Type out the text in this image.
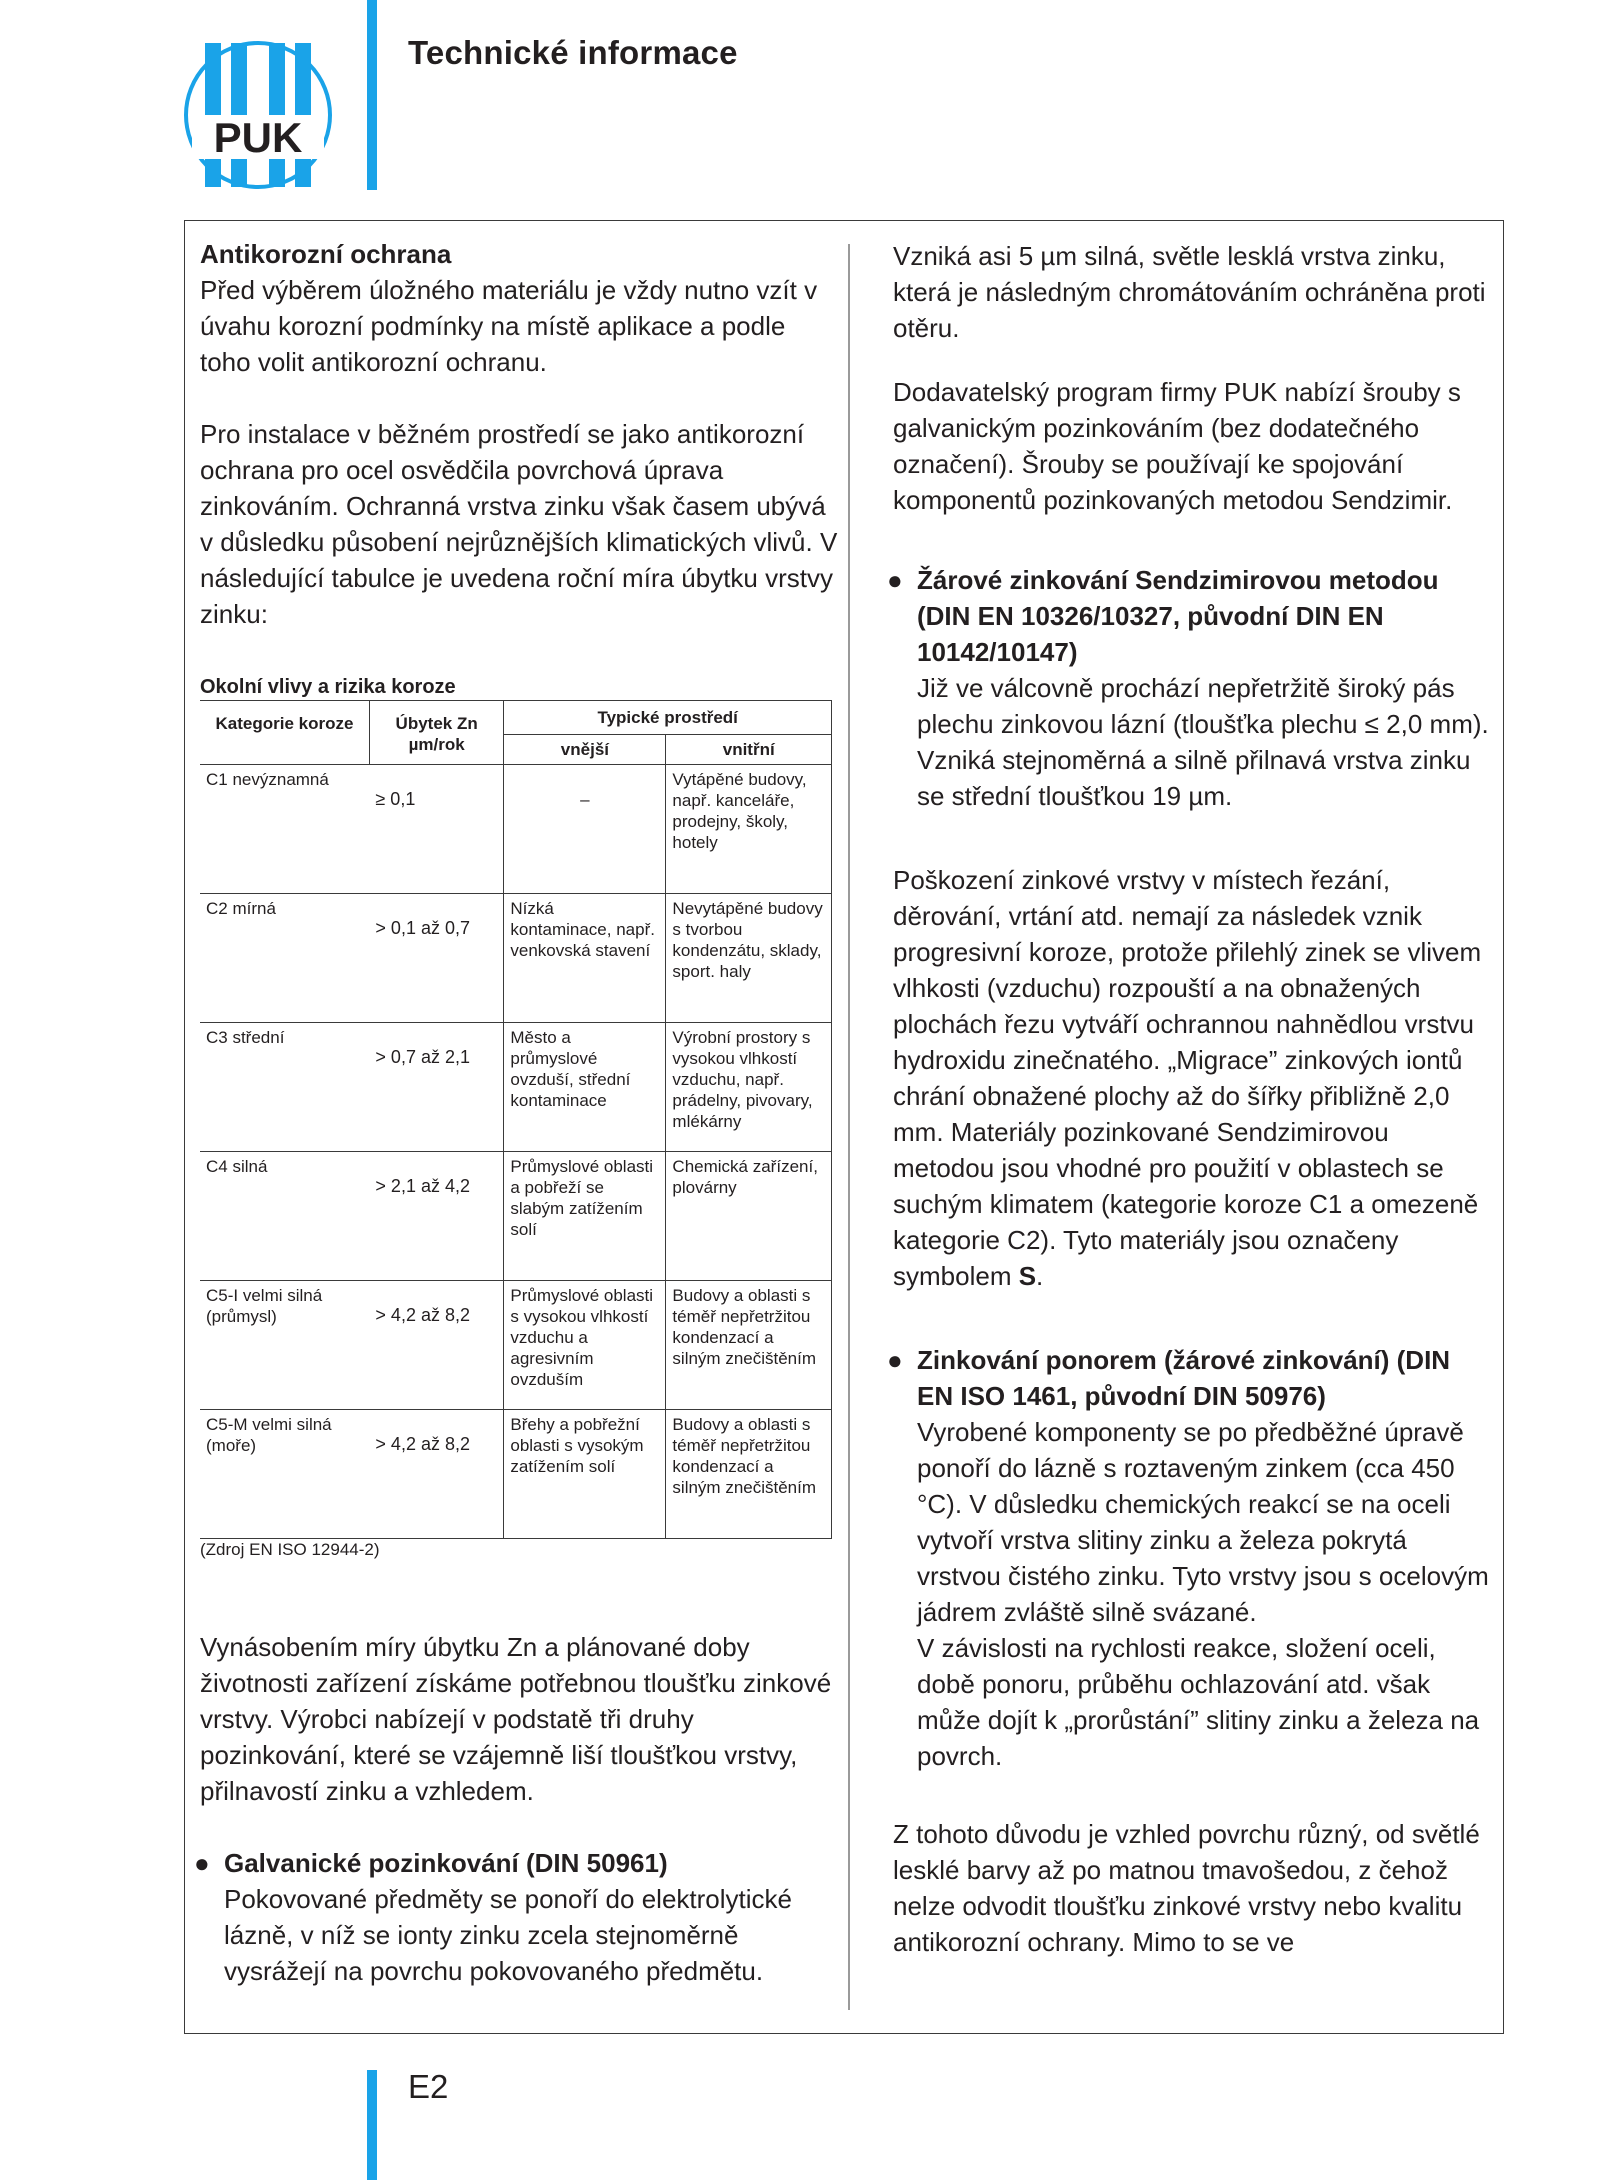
PUK
Technické informace

Antikorozní ochrana

Před výběrem úložného materiálu je vždy nutno vzít v úvahu korozní podmínky na místě aplikace a podle toho volit antikorozní ochranu.

Pro instalace v běžném prostředí se jako antikorozní ochrana pro ocel osvědčila povrchová úprava zinkováním. Ochranná vrstva zinku však časem ubývá v důsledku působení nejrůznějších klimatických vlivů. V následující tabulce je uvedena roční míra úbytku vrstvy zinku:

Okolní vlivy a rizika koroze

Kategorie koroze	Úbytek Zn µm/rok	Typické prostředí	
		vnější	vnitřní
C1 nevýznamná	≥ 0,1	–	Vytápěné budovy, např. kanceláře, prodejny, školy, hotely
C2 mírná	> 0,1 až 0,7	Nízká kontaminace, např. venkovská stavení	Nevytápěné budovy s tvorbou kondenzátu, sklady, sport. haly
C3 střední	> 0,7 až 2,1	Město a průmyslové ovzduší, střední kontaminace	Výrobní prostory s vysokou vlhkostí vzduchu, např. prádelny, pivovary, mlékárny
C4 silná	> 2,1 až 4,2	Průmyslové oblasti a pobřeží se slabým zatížením solí	Chemická zařízení, plovárny
C5-I velmi silná (průmysl)	> 4,2 až 8,2	Průmyslové oblasti s vysokou vlhkostí vzduchu a agresivním ovzduším	Budovy a oblasti s téměř nepřetržitou kondenzací a silným znečištěním
C5-M velmi silná (moře)	> 4,2 až 8,2	Břehy a pobřežní oblasti s vysokým zatížením solí	Budovy a oblasti s téměř nepřetržitou kondenzací a silným znečištěním

(Zdroj EN ISO 12944-2)

Vynásobením míry úbytku Zn a plánované doby životnosti zařízení získáme potřebnou tloušťku zinkové vrstvy. Výrobci nabízejí v podstatě tři druhy pozinkování, které se vzájemně liší tloušťkou vrstvy, přilnavostí zinku a vzhledem.

● Galvanické pozinkování (DIN 50961)
Pokovované předměty se ponoří do elektrolytické lázně, v níž se ionty zinku zcela stejnoměrně vysrážejí na povrchu pokovovaného předmětu.

Vzniká asi 5 µm silná, světle lesklá vrstva zinku, která je následným chromátováním ochráněna proti otěru.

Dodavatelský program firmy PUK nabízí šrouby s galvanickým pozinkováním (bez dodatečného označení). Šrouby se používají ke spojování komponentů pozinkovaných metodou Sendzimir.

● Žárové zinkování Sendzimirovou metodou (DIN EN 10326/10327, původní DIN EN 10142/10147)
Již ve válcovně prochází nepřetržitě široký pás plechu zinkovou lázní (tloušťka plechu ≤ 2,0 mm). Vzniká stejnoměrná a silně přilnavá vrstva zinku se střední tloušťkou 19 µm.

Poškození zinkové vrstvy v místech řezání, děrování, vrtání atd. nemají za následek vznik progresivní koroze, protože přilehlý zinek se vlivem vlhkosti (vzduchu) rozpouští a na obnažených plochách řezu vytváří ochrannou nahnědlou vrstvu hydroxidu zinečnatého. „Migrace” zinkových iontů chrání obnažené plochy až do šířky přibližně 2,0 mm. Materiály pozinkované Sendzimirovou metodou jsou vhodné pro použití v oblastech se suchým klimatem (kategorie koroze C1 a omezeně kategorie C2). Tyto materiály jsou označeny symbolem S.

● Zinkování ponorem (žárové zinkování) (DIN EN ISO 1461, původní DIN 50976)
Vyrobené komponenty se po předběžné úpravě ponoří do lázně s roztaveným zinkem (cca 450 °C). V důsledku chemických reakcí se na oceli vytvoří vrstva slitiny zinku a železa pokrytá vrstvou čistého zinku. Tyto vrstvy jsou s ocelovým jádrem zvláště silně svázané.
V závislosti na rychlosti reakce, složení oceli, době ponoru, průběhu ochlazování atd. však může dojít k „prorůstání” slitiny zinku a železa na povrch.

Z tohoto důvodu je vzhled povrchu různý, od světlé lesklé barvy až po matnou tmavošedou, z čehož nelze odvodit tloušťku zinkové vrstvy nebo kvalitu antikorozní ochrany. Mimo to se ve

E2
